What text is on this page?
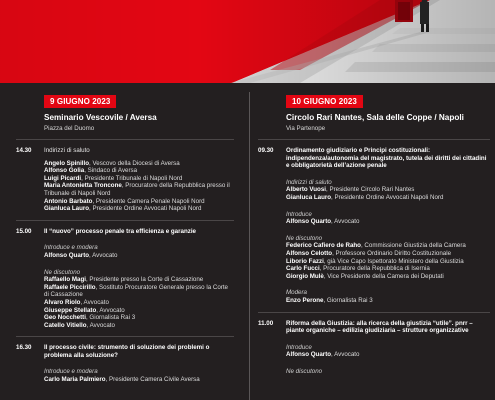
9 GIUGNO 2023
Seminario Vescovile / Aversa
Piazza del Duomo
14.30 Indirizzi di saluto
Angelo Spinillo, Vescovo della Diocesi di Aversa
Alfonso Golia, Sindaco di Aversa
Luigi Picardi, Presidente Tribunale di Napoli Nord
Maria Antonietta Troncone, Procuratore della Repubblica presso il Tribunale di Napoli Nord
Antonio Barbato, Presidente Camera Penale Napoli Nord
Gianluca Lauro, Presidente Ordine Avvocati Napoli Nord
15.00 Il “nuovo” processo penale tra efficienza e garanzie
Introduce e modera
Alfonso Quarto, Avvocato
Ne discutono
Raffaello Magi, Presidente presso la Corte di Cassazione
Raffaele Piccirillo, Sostituto Procuratore Generale presso la Corte di Cassazione
Alvaro Riolo, Avvocato
Giuseppe Stellato, Avvocato
Geo Nocchetti, Giornalista Rai 3
Catello Vitiello, Avvocato
16.30 Il processo civile: strumento di soluzione dei problemi o problema alla soluzione?
Introduce e modera
Carlo Maria Palmiero, Presidente Camera Civile Aversa
10 GIUGNO 2023
Circolo Rari Nantes, Sala delle Coppe / Napoli
Via Partenope
09.30 Ordinamento giudiziario e Principi costituzionali: indipendenza/autonomia del magistrato, tutela dei diritti dei cittadini e obbligatorietà dell’azione penale
Indirizzi di saluto
Alberto Vuosi, Presidente Circolo Rari Nantes
Gianluca Lauro, Presidente Ordine Avvocati Napoli Nord
Introduce
Alfonso Quarto, Avvocato
Ne discutono
Federico Cafiero de Raho, Commissione Giustizia della Camera
Alfonso Celotto, Professore Ordinario Diritto Costituzionale
Liborio Fazzi, già Vice Capo Ispettorato Ministero della Giustizia
Carlo Fucci, Procuratore della Repubblica di Isernia
Giorgio Mulè, Vice Presidente della Camera dei Deputati
Modera
Enzo Perone, Giornalista Rai 3
11.00 Riforma della Giustizia: alla ricerca della giustizia “utile”. pnrr – piante organiche – edilizia giudiziaria – strutture organizzative
Introduce
Alfonso Quarto, Avvocato
Ne discutono
